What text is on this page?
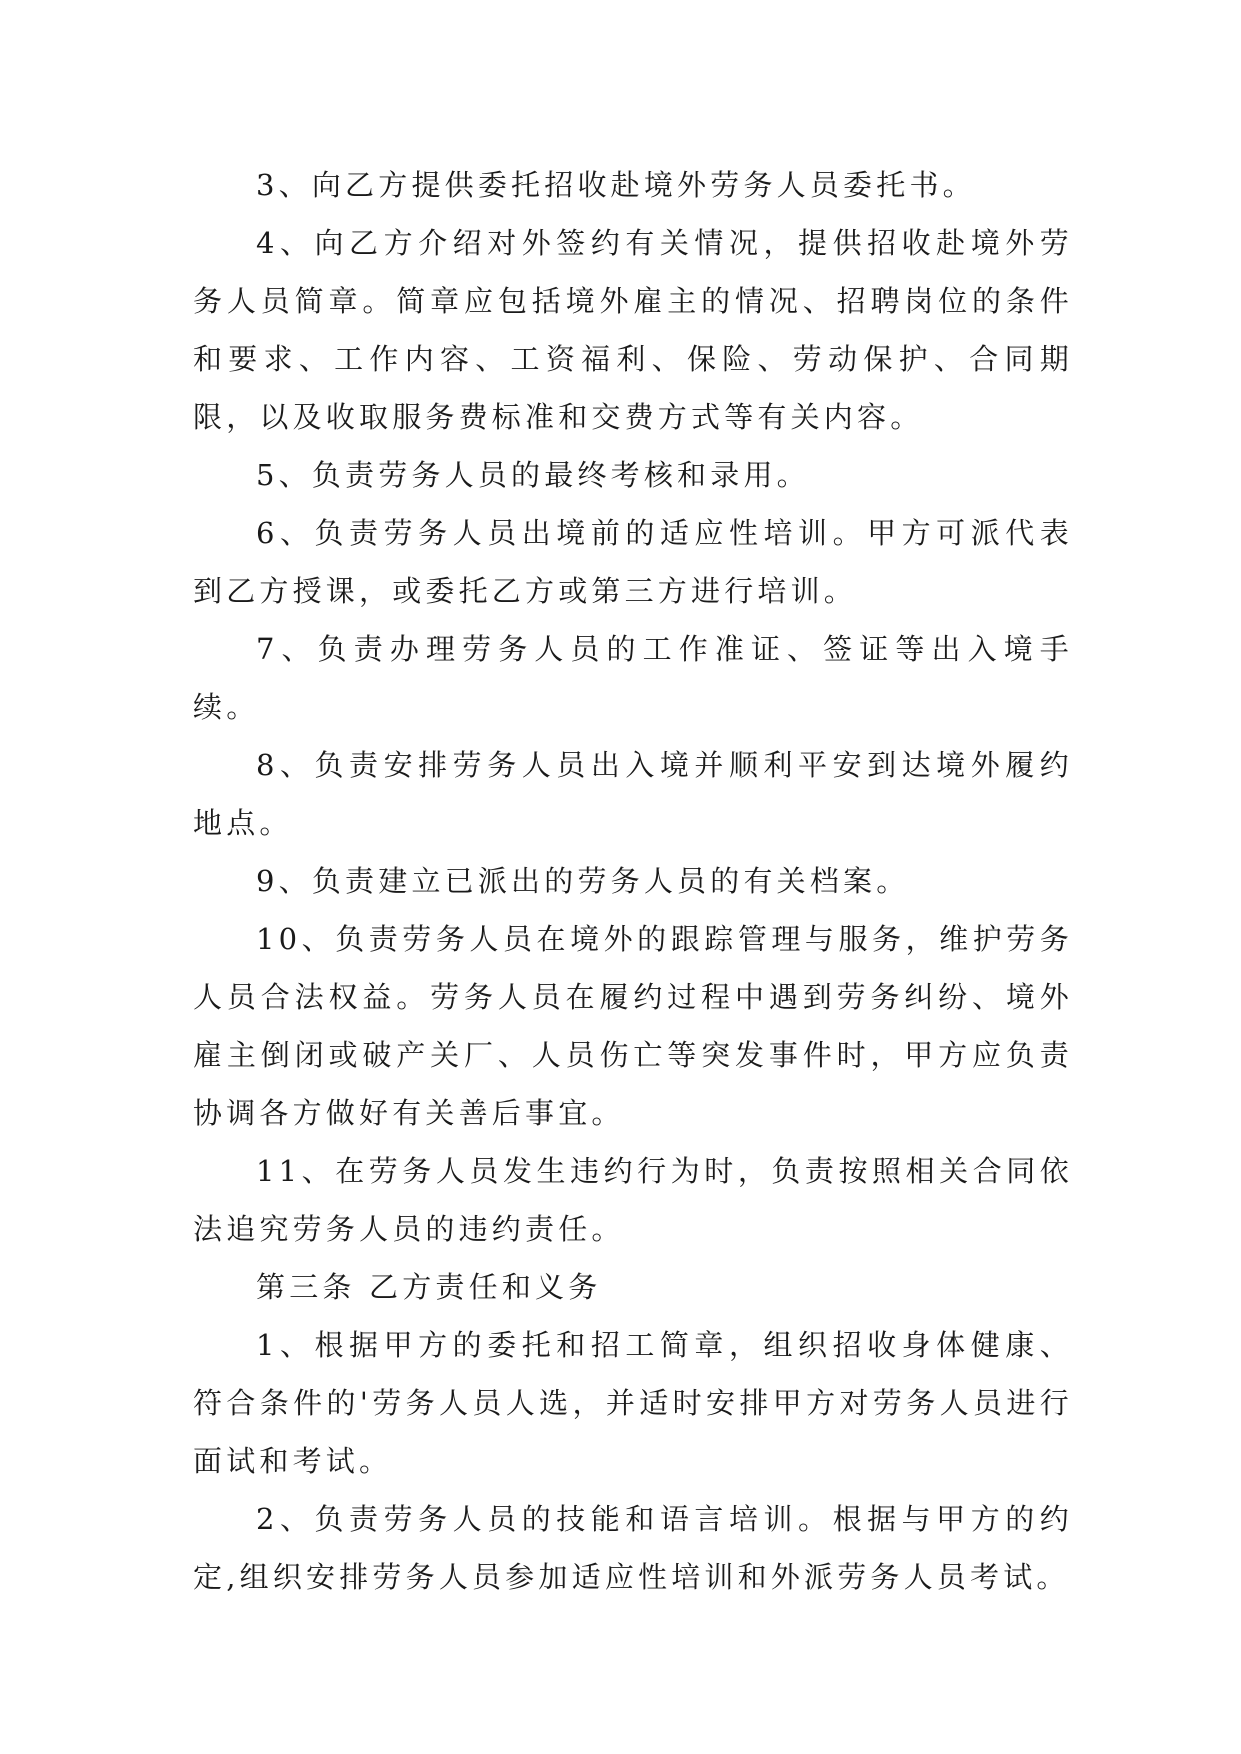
3、向乙方提供委托招收赴境外劳务人员委托书。

4、向乙方介绍对外签约有关情况，提供招收赴境外劳务人员简章。简章应包括境外雇主的情况、招聘岗位的条件和要求、工作内容、工资福利、保险、劳动保护、合同期限，以及收取服务费标准和交费方式等有关内容。

5、负责劳务人员的最终考核和录用。

6、负责劳务人员出境前的适应性培训。甲方可派代表到乙方授课，或委托乙方或第三方进行培训。

7、负责办理劳务人员的工作准证、签证等出入境手续。

8、负责安排劳务人员出入境并顺利平安到达境外履约地点。

9、负责建立已派出的劳务人员的有关档案。

10、负责劳务人员在境外的跟踪管理与服务，维护劳务人员合法权益。劳务人员在履约过程中遇到劳务纠纷、境外雇主倒闭或破产关厂、人员伤亡等突发事件时，甲方应负责协调各方做好有关善后事宜。

11、在劳务人员发生违约行为时，负责按照相关合同依法追究劳务人员的违约责任。

第三条 乙方责任和义务

1、根据甲方的委托和招工简章，组织招收身体健康、符合条件的'劳务人员人选，并适时安排甲方对劳务人员进行面试和考试。

2、负责劳务人员的技能和语言培训。根据与甲方的约定,组织安排劳务人员参加适应性培训和外派劳务人员考试。
